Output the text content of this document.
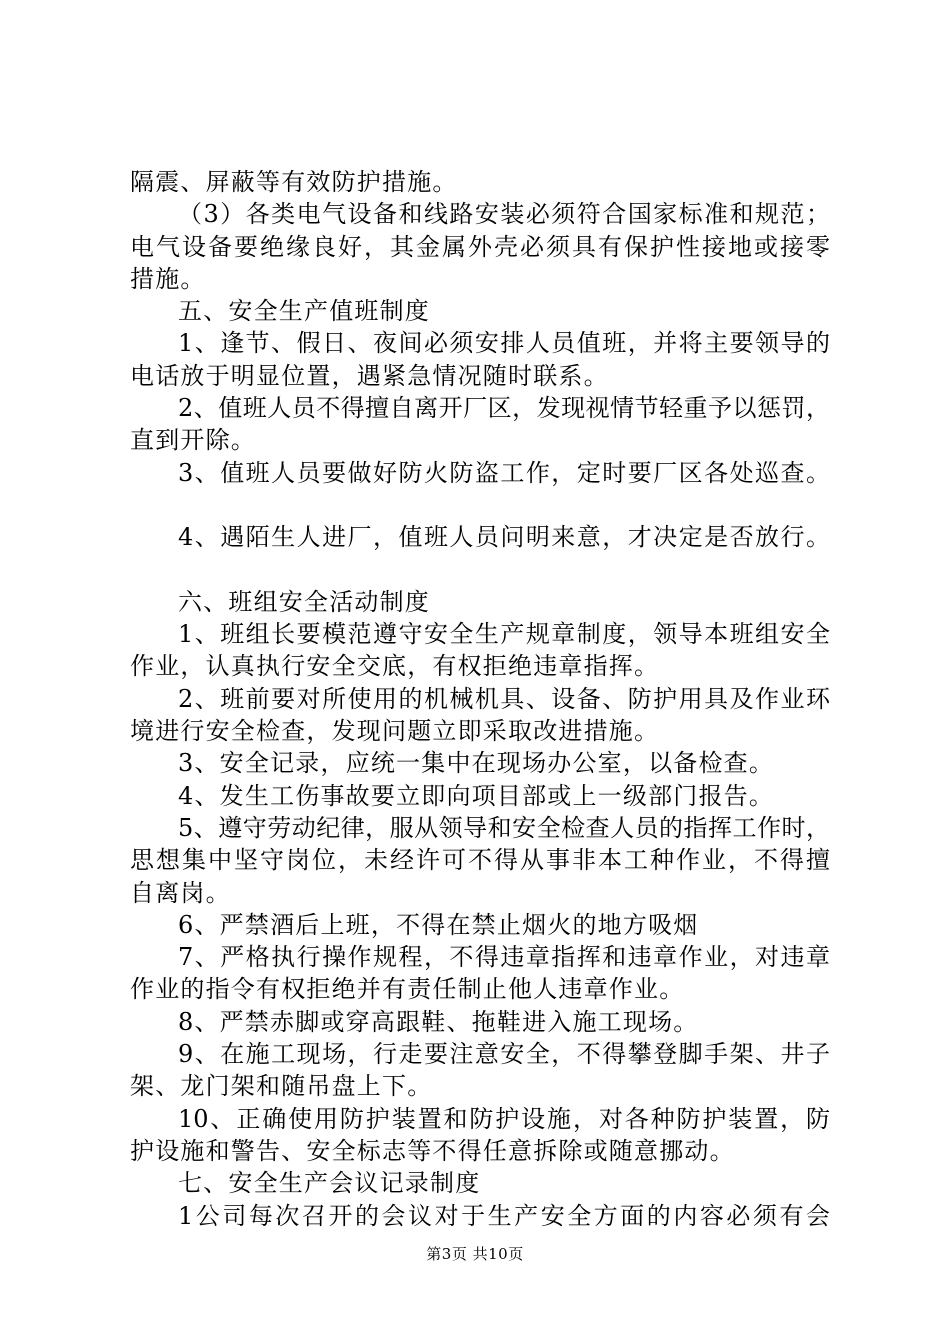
隔震、屏蔽等有效防护措施。
（3）各类电气设备和线路安装必须符合国家标准和规范；
电气设备要绝缘良好，其金属外壳必须具有保护性接地或接零
措施。
五、安全生产值班制度
1、逢节、假日、夜间必须安排人员值班，并将主要领导的
电话放于明显位置，遇紧急情况随时联系。
2、值班人员不得擅自离开厂区，发现视情节轻重予以惩罚，
直到开除。
3、值班人员要做好防火防盗工作，定时要厂区各处巡查。
4、遇陌生人进厂，值班人员问明来意，才决定是否放行。
六、班组安全活动制度
1、班组长要模范遵守安全生产规章制度，领导本班组安全
作业，认真执行安全交底，有权拒绝违章指挥。
2、班前要对所使用的机械机具、设备、防护用具及作业环
境进行安全检查，发现问题立即采取改进措施。
3、安全记录，应统一集中在现场办公室，以备检查。
4、发生工伤事故要立即向项目部或上一级部门报告。
5、遵守劳动纪律，服从领导和安全检查人员的指挥工作时，
思想集中坚守岗位，未经许可不得从事非本工种作业，不得擅
自离岗。
6、严禁酒后上班，不得在禁止烟火的地方吸烟
7、严格执行操作规程，不得违章指挥和违章作业，对违章
作业的指令有权拒绝并有责任制止他人违章作业。
8、严禁赤脚或穿高跟鞋、拖鞋进入施工现场。
9、在施工现场，行走要注意安全，不得攀登脚手架、井子
架、龙门架和随吊盘上下。
10、正确使用防护装置和防护设施，对各种防护装置，防
护设施和警告、安全标志等不得任意拆除或随意挪动。
七、安全生产会议记录制度
1公司每次召开的会议对于生产安全方面的内容必须有会
第3页 共10页
